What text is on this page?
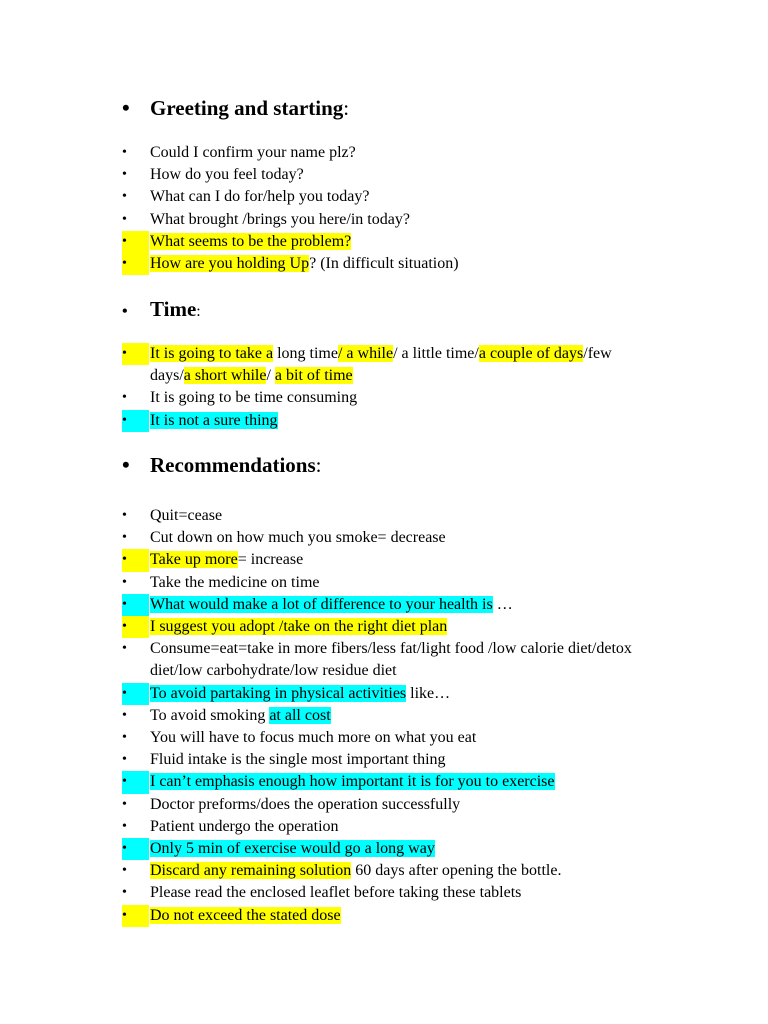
• Greeting and starting:
•	Could I confirm your name plz?
•	How do you feel today?
•	What can I do for/help you today?
•	What brought /brings you here/in today?
•	What seems to be the problem?
•	How are you holding Up? (In difficult situation)
• Time:
•	It is going to take a long time/ a while/ a little time/a couple of days/few days/a short while/ a bit of time
•	It is going to be time consuming
•	It is not a sure thing
• Recommendations:
•	Quit=cease
•	Cut down on how much you smoke= decrease
•	Take up more= increase
•	Take the medicine on time
•	What would make a lot of difference to your health is …
•	I suggest you adopt /take on the right diet plan
•	Consume=eat=take in more fibers/less fat/light food /low calorie diet/detox diet/low carbohydrate/low residue diet
•	To avoid partaking in physical activities like…
•	To avoid smoking at all cost
•	You will have to focus much more on what you eat
•	Fluid intake is the single most important thing
•	I can’t emphasis enough how important it is for you to exercise
•	Doctor preforms/does the operation successfully
•	Patient undergo the operation
•	Only 5 min of exercise would go a long way
•	Discard any remaining solution 60 days after opening the bottle.
•	Please read the enclosed leaflet before taking these tablets
•	Do not exceed the stated dose
